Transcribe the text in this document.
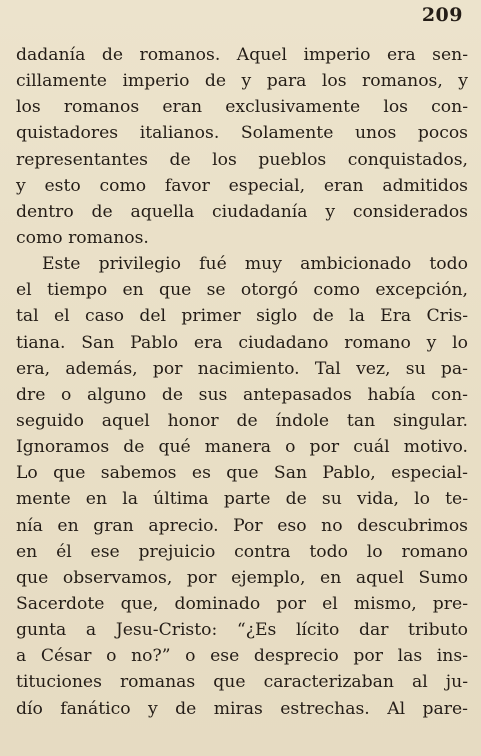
209
dadanía de romanos. Aquel imperio era sen-
cillamente imperio de y para los romanos, y
los romanos eran exclusivamente los con-
quistadores italianos. Solamente unos pocos
representantes de los pueblos conquistados,
y esto como favor especial, eran admitidos
dentro de aquella ciudadanía y considerados
como romanos.
Este privilegio fué muy ambicionado todo
el tiempo en que se otorgó como excepción,
tal el caso del primer siglo de la Era Cris-
tiana. San Pablo era ciudadano romano y lo
era, además, por nacimiento. Tal vez, su pa-
dre o alguno de sus antepasados había con-
seguido aquel honor de índole tan singular.
Ignoramos de qué manera o por cuál motivo.
Lo que sabemos es que San Pablo, especial-
mente en la última parte de su vida, lo te-
nía en gran aprecio. Por eso no descubrimos
en él ese prejuicio contra todo lo romano
que observamos, por ejemplo, en aquel Sumo
Sacerdote que, dominado por el mismo, pre-
gunta a Jesu-Cristo: “¿Es lícito dar tributo
a César o no?” o ese desprecio por las ins-
tituciones romanas que caracterizaban al ju-
dío fanático y de miras estrechas. Al pare-
